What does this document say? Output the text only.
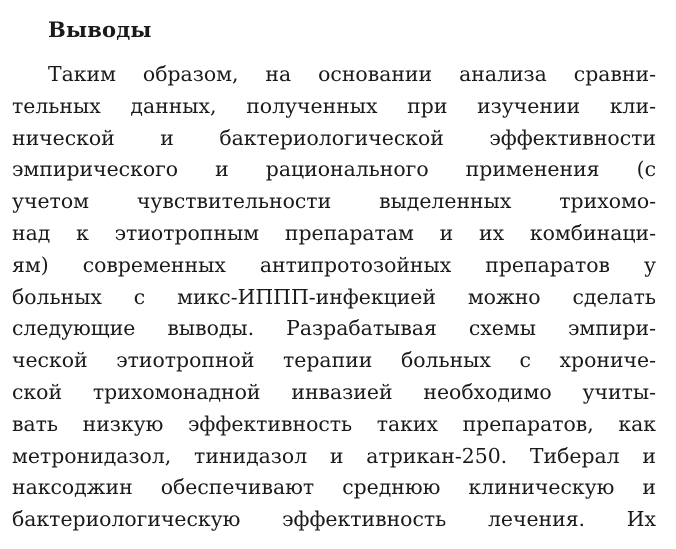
Выводы
Таким образом, на основании анализа сравни-
тельных данных, полученных при изучении кли-
нической и бактериологической эффективности
эмпирического и рационального применения (с
учетом чувствительности выделенных трихомо-
над к этиотропным препаратам и их комбинаци-
ям) современных антипротозойных препаратов у
больных с микс-ИППП-инфекцией можно сделать
следующие выводы. Разрабатывая схемы эмпири-
ческой этиотропной терапии больных с хрониче-
ской трихомонадной инвазией необходимо учиты-
вать низкую эффективность таких препаратов, как
метронидазол, тинидазол и атрикан-250. Тиберал и
наксоджин обеспечивают среднюю клиническую и
бактериологическую эффективность лечения. Их
